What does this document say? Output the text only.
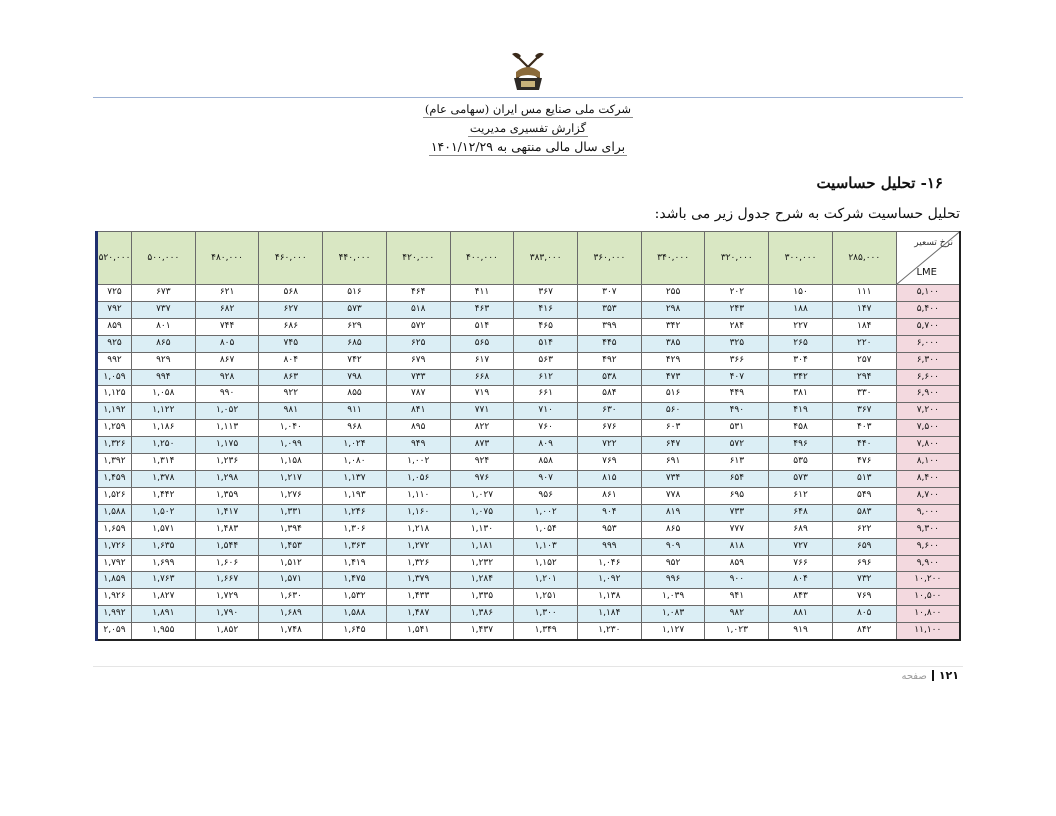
شرکت ملی صنایع مس ایران (سهامی عام)
گزارش تفسیری مدیریت
برای سال مالی منتهی به ۱۴۰۱/۱۲/۲۹
۱۶- تحلیل حساسیت
تحلیل حساسیت شرکت به شرح جدول زیر می باشد:
۵۲۰,۰۰۰	۵۰۰,۰۰۰	۴۸۰,۰۰۰	۴۶۰,۰۰۰	۴۴۰,۰۰۰	۴۲۰,۰۰۰	۴۰۰,۰۰۰	۳۸۳,۰۰۰	۳۶۰,۰۰۰	۳۴۰,۰۰۰	۳۲۰,۰۰۰	۳۰۰,۰۰۰	۲۸۵,۰۰۰	نرخ تسعیر
LME

۷۲۵	۶۷۳	۶۲۱	۵۶۸	۵۱۶	۴۶۴	۴۱۱	۳۶۷	۳۰۷	۲۵۵	۲۰۲	۱۵۰	۱۱۱	۵,۱۰۰
۷۹۲	۷۳۷	۶۸۲	۶۲۷	۵۷۳	۵۱۸	۴۶۳	۴۱۶	۳۵۳	۲۹۸	۲۴۳	۱۸۸	۱۴۷	۵,۴۰۰
۸۵۹	۸۰۱	۷۴۴	۶۸۶	۶۲۹	۵۷۲	۵۱۴	۴۶۵	۳۹۹	۳۴۲	۲۸۴	۲۲۷	۱۸۴	۵,۷۰۰
۹۲۵	۸۶۵	۸۰۵	۷۴۵	۶۸۵	۶۲۵	۵۶۵	۵۱۴	۴۴۵	۳۸۵	۳۲۵	۲۶۵	۲۲۰	۶,۰۰۰
۹۹۲	۹۲۹	۸۶۷	۸۰۴	۷۴۲	۶۷۹	۶۱۷	۵۶۳	۴۹۲	۴۲۹	۳۶۶	۳۰۴	۲۵۷	۶,۳۰۰
۱,۰۵۹	۹۹۴	۹۲۸	۸۶۳	۷۹۸	۷۳۳	۶۶۸	۶۱۲	۵۳۸	۴۷۳	۴۰۷	۳۴۲	۲۹۴	۶,۶۰۰
۱,۱۲۵	۱,۰۵۸	۹۹۰	۹۲۲	۸۵۵	۷۸۷	۷۱۹	۶۶۱	۵۸۴	۵۱۶	۴۴۹	۳۸۱	۳۳۰	۶,۹۰۰
۱,۱۹۲	۱,۱۲۲	۱,۰۵۲	۹۸۱	۹۱۱	۸۴۱	۷۷۱	۷۱۰	۶۳۰	۵۶۰	۴۹۰	۴۱۹	۳۶۷	۷,۲۰۰
۱,۲۵۹	۱,۱۸۶	۱,۱۱۳	۱,۰۴۰	۹۶۸	۸۹۵	۸۲۲	۷۶۰	۶۷۶	۶۰۳	۵۳۱	۴۵۸	۴۰۳	۷,۵۰۰
۱,۳۲۶	۱,۲۵۰	۱,۱۷۵	۱,۰۹۹	۱,۰۲۴	۹۴۹	۸۷۳	۸۰۹	۷۲۲	۶۴۷	۵۷۲	۴۹۶	۴۴۰	۷,۸۰۰
۱,۳۹۲	۱,۳۱۴	۱,۲۳۶	۱,۱۵۸	۱,۰۸۰	۱,۰۰۲	۹۲۴	۸۵۸	۷۶۹	۶۹۱	۶۱۳	۵۳۵	۴۷۶	۸,۱۰۰
۱,۴۵۹	۱,۳۷۸	۱,۲۹۸	۱,۲۱۷	۱,۱۳۷	۱,۰۵۶	۹۷۶	۹۰۷	۸۱۵	۷۳۴	۶۵۴	۵۷۳	۵۱۳	۸,۴۰۰
۱,۵۲۶	۱,۴۴۲	۱,۳۵۹	۱,۲۷۶	۱,۱۹۳	۱,۱۱۰	۱,۰۲۷	۹۵۶	۸۶۱	۷۷۸	۶۹۵	۶۱۲	۵۴۹	۸,۷۰۰
۱,۵۸۸	۱,۵۰۲	۱,۴۱۷	۱,۳۳۱	۱,۲۴۶	۱,۱۶۰	۱,۰۷۵	۱,۰۰۲	۹۰۴	۸۱۹	۷۳۳	۶۴۸	۵۸۳	۹,۰۰۰
۱,۶۵۹	۱,۵۷۱	۱,۴۸۳	۱,۳۹۴	۱,۳۰۶	۱,۲۱۸	۱,۱۳۰	۱,۰۵۴	۹۵۳	۸۶۵	۷۷۷	۶۸۹	۶۲۲	۹,۳۰۰
۱,۷۲۶	۱,۶۳۵	۱,۵۴۴	۱,۴۵۳	۱,۳۶۳	۱,۲۷۲	۱,۱۸۱	۱,۱۰۳	۹۹۹	۹۰۹	۸۱۸	۷۲۷	۶۵۹	۹,۶۰۰
۱,۷۹۲	۱,۶۹۹	۱,۶۰۶	۱,۵۱۲	۱,۴۱۹	۱,۳۲۶	۱,۲۳۲	۱,۱۵۲	۱,۰۴۶	۹۵۲	۸۵۹	۷۶۶	۶۹۶	۹,۹۰۰
۱,۸۵۹	۱,۷۶۳	۱,۶۶۷	۱,۵۷۱	۱,۴۷۵	۱,۳۷۹	۱,۲۸۴	۱,۲۰۱	۱,۰۹۲	۹۹۶	۹۰۰	۸۰۴	۷۳۲	۱۰,۲۰۰
۱,۹۲۶	۱,۸۲۷	۱,۷۲۹	۱,۶۳۰	۱,۵۳۲	۱,۴۳۳	۱,۳۳۵	۱,۲۵۱	۱,۱۳۸	۱,۰۳۹	۹۴۱	۸۴۳	۷۶۹	۱۰,۵۰۰
۱,۹۹۲	۱,۸۹۱	۱,۷۹۰	۱,۶۸۹	۱,۵۸۸	۱,۴۸۷	۱,۳۸۶	۱,۳۰۰	۱,۱۸۴	۱,۰۸۳	۹۸۲	۸۸۱	۸۰۵	۱۰,۸۰۰
۲,۰۵۹	۱,۹۵۵	۱,۸۵۲	۱,۷۴۸	۱,۶۴۵	۱,۵۴۱	۱,۴۳۷	۱,۳۴۹	۱,۲۳۰	۱,۱۲۷	۱,۰۲۳	۹۱۹	۸۴۲	۱۱,۱۰۰
۱۲۱صفحه
